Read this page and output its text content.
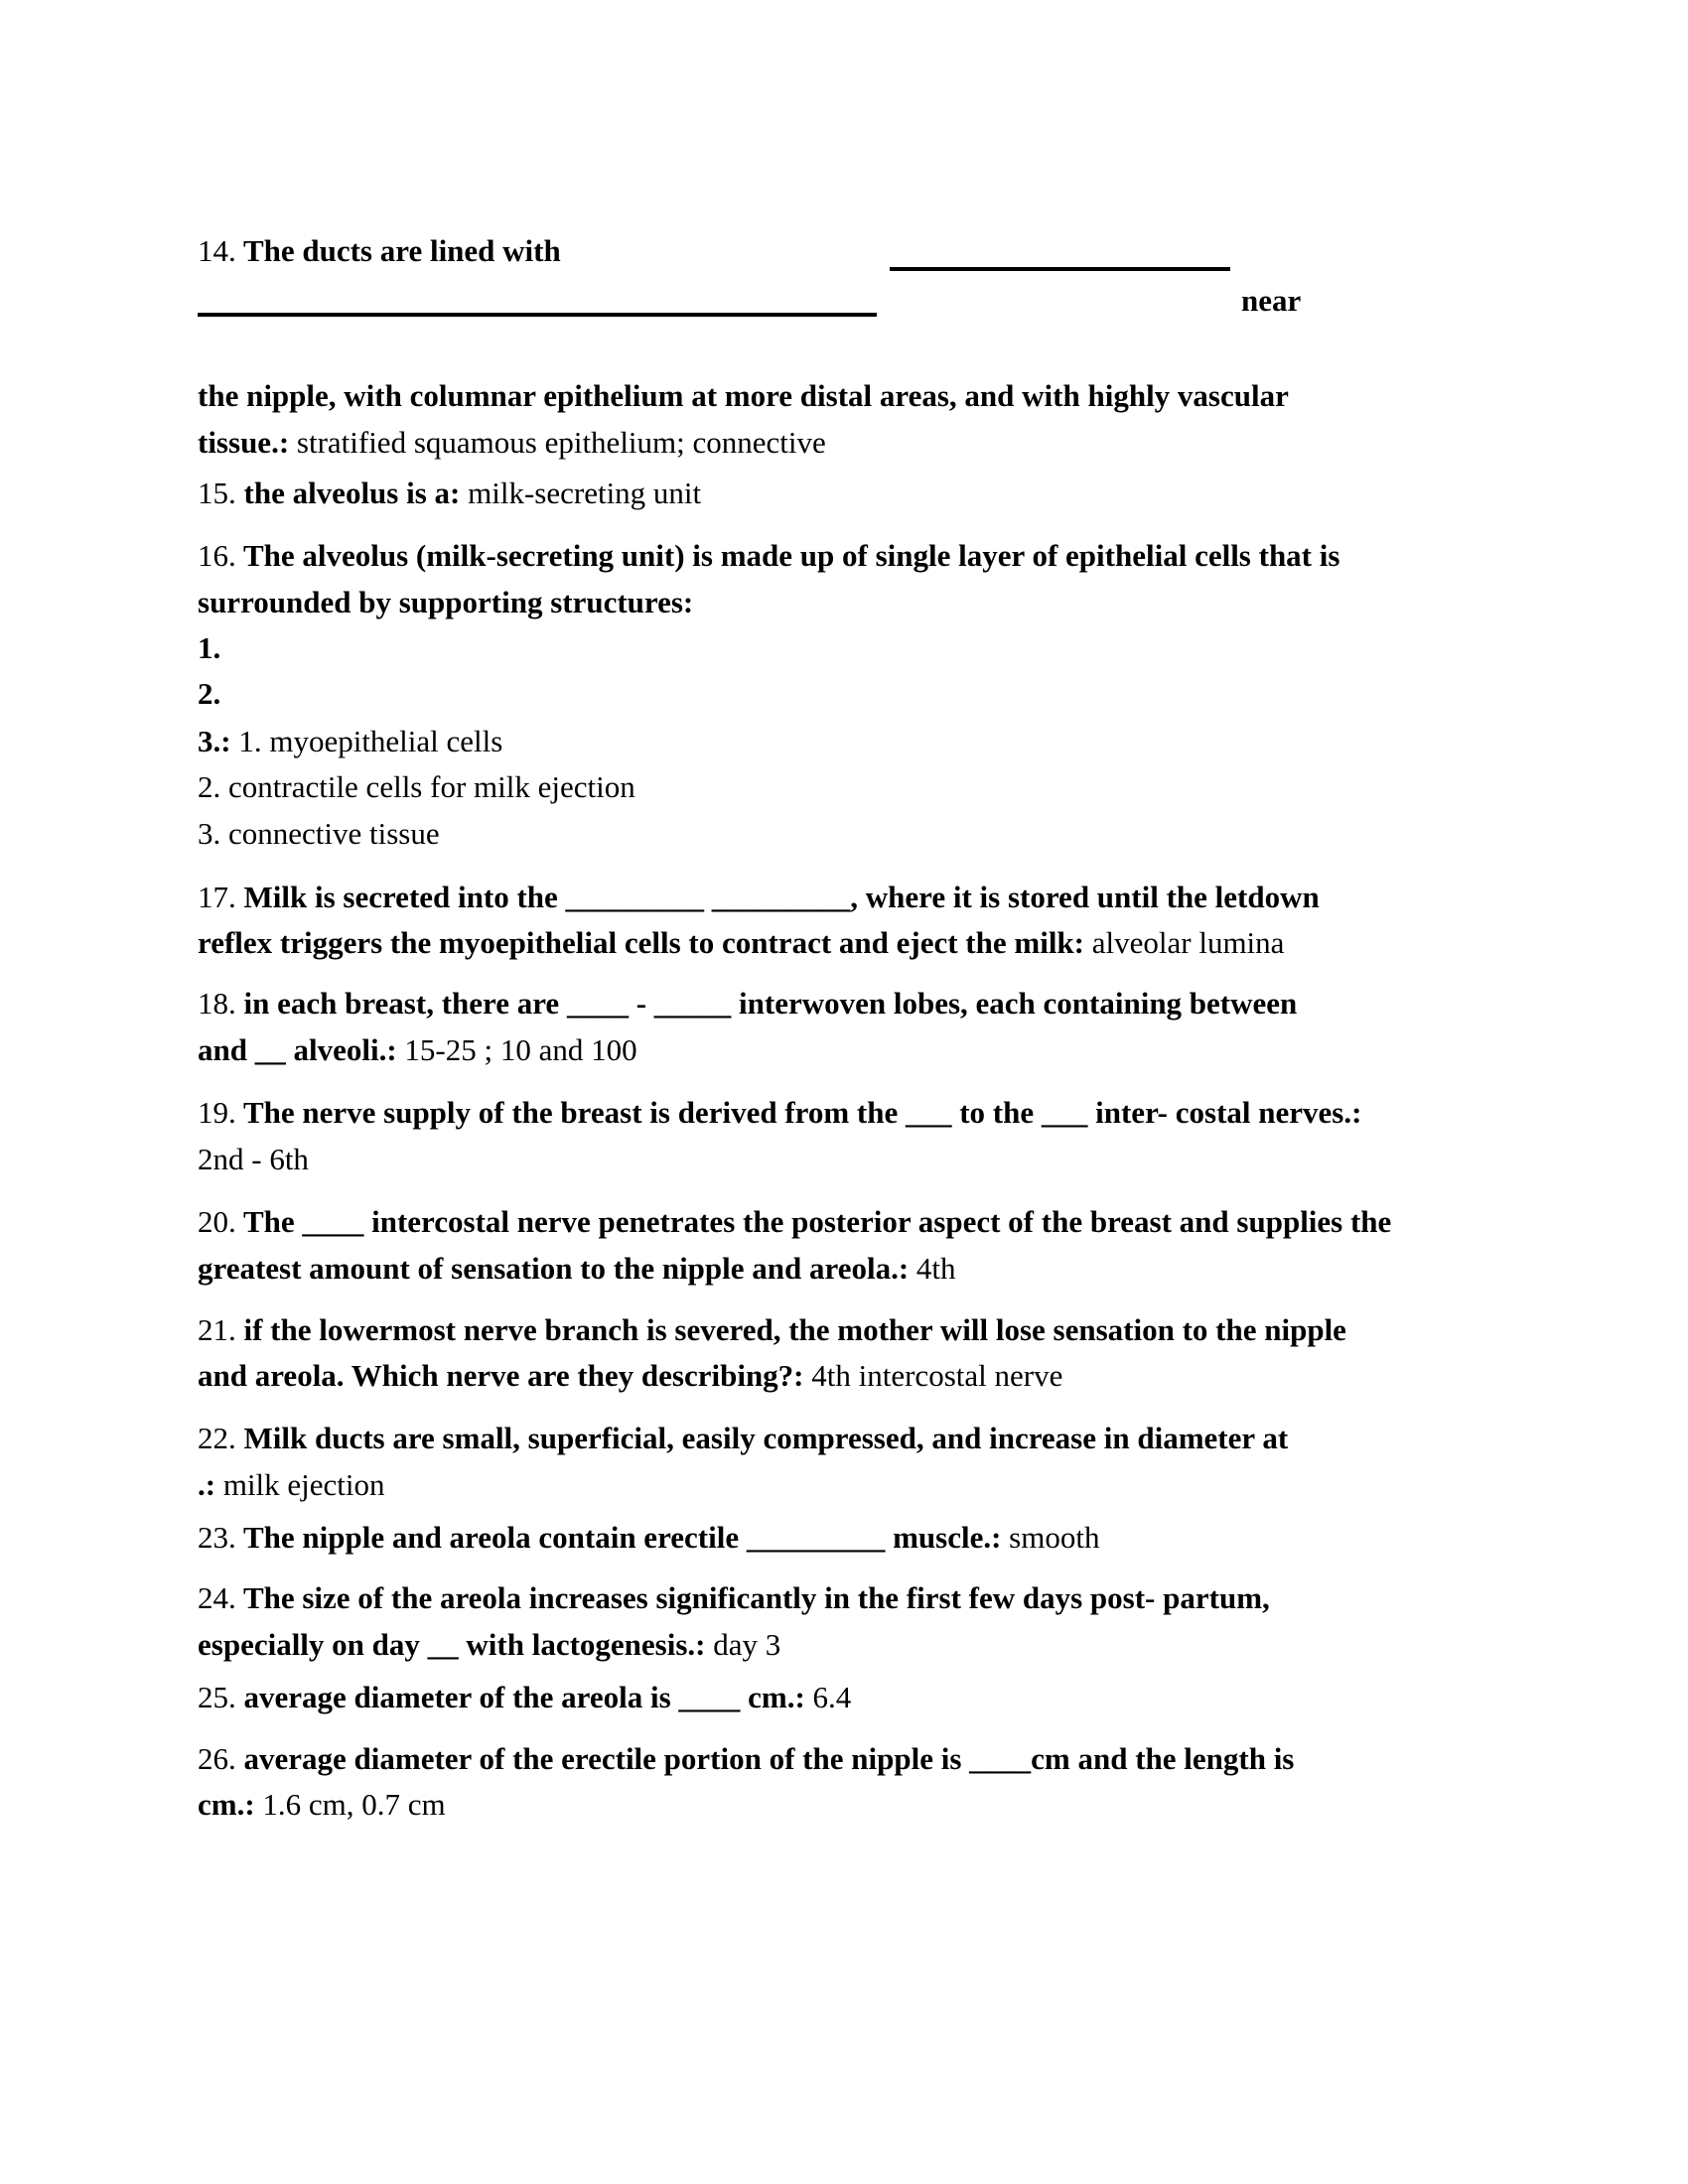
14. The ducts are lined with
near
the nipple, with columnar epithelium at more distal areas, and with highly vascular
tissue.: stratified squamous epithelium; connective
15. the alveolus is a: milk-secreting unit
16. The alveolus (milk-secreting unit) is made up of single layer of epithelial cells that is
surrounded by supporting structures:
1.
2.
3.: 1. myoepithelial cells
2. contractile cells for milk ejection
3. connective tissue
17. Milk is secreted into the _________ _________, where it is stored until the letdown
reflex triggers the myoepithelial cells to contract and eject the milk: alveolar lumina
18. in each breast, there are ____ - _____ interwoven lobes, each containing between
and __ alveoli.: 15-25 ; 10 and 100
19. The nerve supply of the breast is derived from the ___ to the ___ inter- costal nerves.:
2nd - 6th
20. The ____ intercostal nerve penetrates the posterior aspect of the breast and supplies the
greatest amount of sensation to the nipple and areola.: 4th
21. if the lowermost nerve branch is severed, the mother will lose sensation to the nipple
and areola. Which nerve are they describing?: 4th intercostal nerve
22. Milk ducts are small, superficial, easily compressed, and increase in diameter at
.: milk ejection
23. The nipple and areola contain erectile _________ muscle.: smooth
24. The size of the areola increases significantly in the first few days post- partum,
especially on day __ with lactogenesis.: day 3
25. average diameter of the areola is ____ cm.: 6.4
26. average diameter of the erectile portion of the nipple is ____cm and the length is
cm.: 1.6 cm, 0.7 cm
